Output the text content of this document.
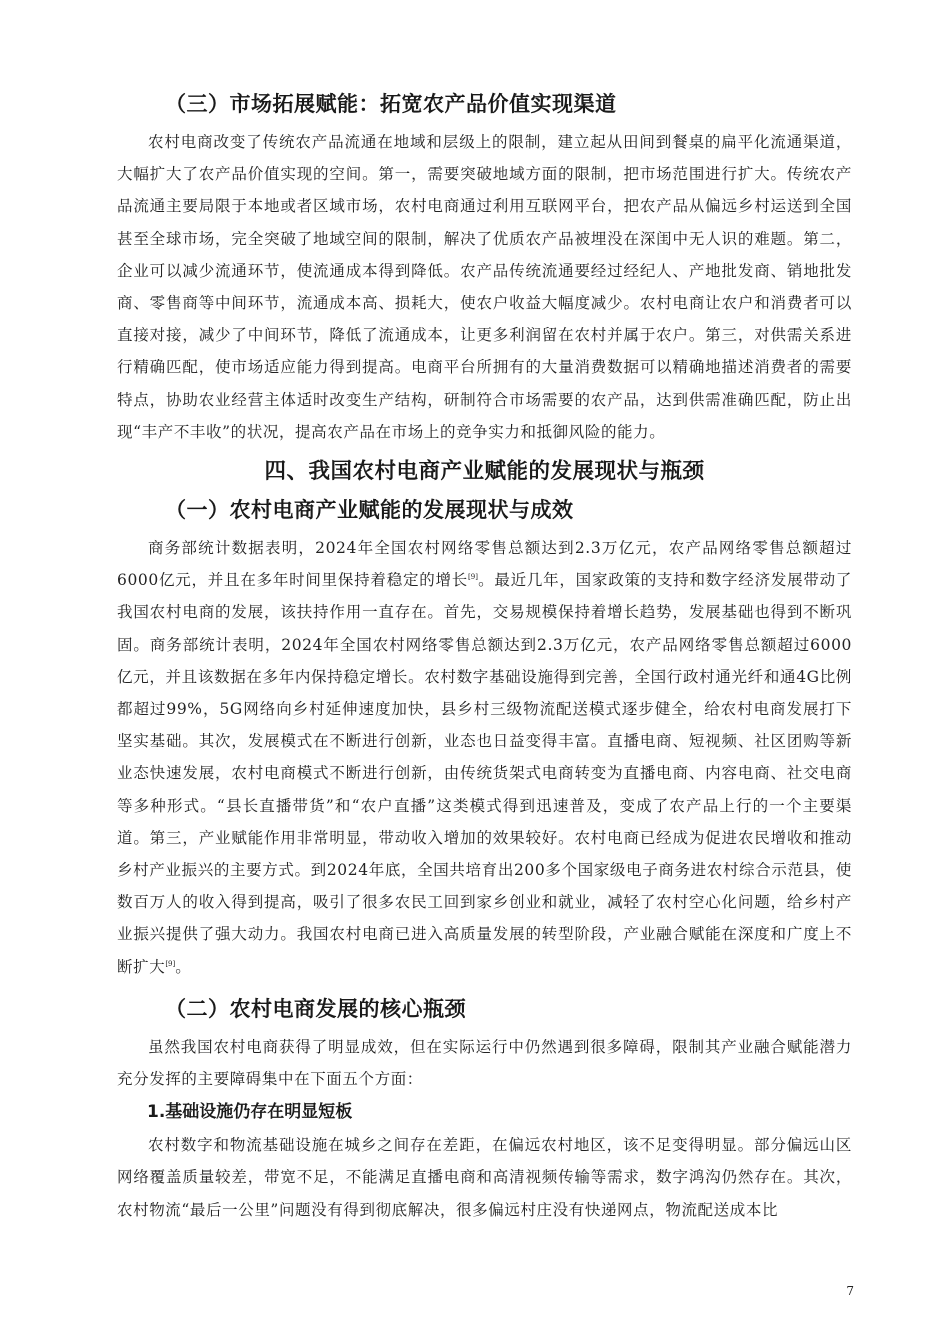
（三）市场拓展赋能：拓宽农产品价值实现渠道

农村电商改变了传统农产品流通在地域和层级上的限制，建立起从田间到餐桌的扁平化流通渠道，大幅扩大了农产品价值实现的空间。第一，需要突破地域方面的限制，把市场范围进行扩大。传统农产品流通主要局限于本地或者区域市场，农村电商通过利用互联网平台，把农产品从偏远乡村运送到全国甚至全球市场，完全突破了地域空间的限制，解决了优质农产品被埋没在深闺中无人识的难题。第二，企业可以减少流通环节，使流通成本得到降低。农产品传统流通要经过经纪人、产地批发商、销地批发商、零售商等中间环节，流通成本高、损耗大，使农户收益大幅度减少。农村电商让农户和消费者可以直接对接，减少了中间环节，降低了流通成本，让更多利润留在农村并属于农户。第三，对供需关系进行精确匹配，使市场适应能力得到提高。电商平台所拥有的大量消费数据可以精确地描述消费者的需要特点，协助农业经营主体适时改变生产结构，研制符合市场需要的农产品，达到供需准确匹配，防止出现“丰产不丰收”的状况，提高农产品在市场上的竞争实力和抵御风险的能力。

四、我国农村电商产业赋能的发展现状与瓶颈
（一）农村电商产业赋能的发展现状与成效

商务部统计数据表明，2024年全国农村网络零售总额达到2.3万亿元，农产品网络零售总额超过6000亿元，并且在多年时间里保持着稳定的增长[9]。最近几年，国家政策的支持和数字经济发展带动了我国农村电商的发展，该扶持作用一直存在。首先，交易规模保持着增长趋势，发展基础也得到不断巩固。商务部统计表明，2024年全国农村网络零售总额达到2.3万亿元，农产品网络零售总额超过6000亿元，并且该数据在多年内保持稳定增长。农村数字基础设施得到完善，全国行政村通光纤和通4G比例都超过99%，5G网络向乡村延伸速度加快，县乡村三级物流配送模式逐步健全，给农村电商发展打下坚实基础。其次，发展模式在不断进行创新，业态也日益变得丰富。直播电商、短视频、社区团购等新业态快速发展，农村电商模式不断进行创新，由传统货架式电商转变为直播电商、内容电商、社交电商等多种形式。“县长直播带货”和“农户直播”这类模式得到迅速普及，变成了农产品上行的一个主要渠道。第三，产业赋能作用非常明显，带动收入增加的效果较好。农村电商已经成为促进农民增收和推动乡村产业振兴的主要方式。到2024年底，全国共培育出200多个国家级电子商务进农村综合示范县，使数百万人的收入得到提高，吸引了很多农民工回到家乡创业和就业，减轻了农村空心化问题，给乡村产业振兴提供了强大动力。我国农村电商已进入高质量发展的转型阶段，产业融合赋能在深度和广度上不断扩大[9]。

（二）农村电商发展的核心瓶颈

虽然我国农村电商获得了明显成效，但在实际运行中仍然遇到很多障碍，限制其产业融合赋能潜力充分发挥的主要障碍集中在下面五个方面：

1.基础设施仍存在明显短板

农村数字和物流基础设施在城乡之间存在差距，在偏远农村地区，该不足变得明显。部分偏远山区网络覆盖质量较差，带宽不足，不能满足直播电商和高清视频传输等需求，数字鸿沟仍然存在。其次，农村物流“最后一公里”问题没有得到彻底解决，很多偏远村庄没有快递网点，物流配送成本比

7
